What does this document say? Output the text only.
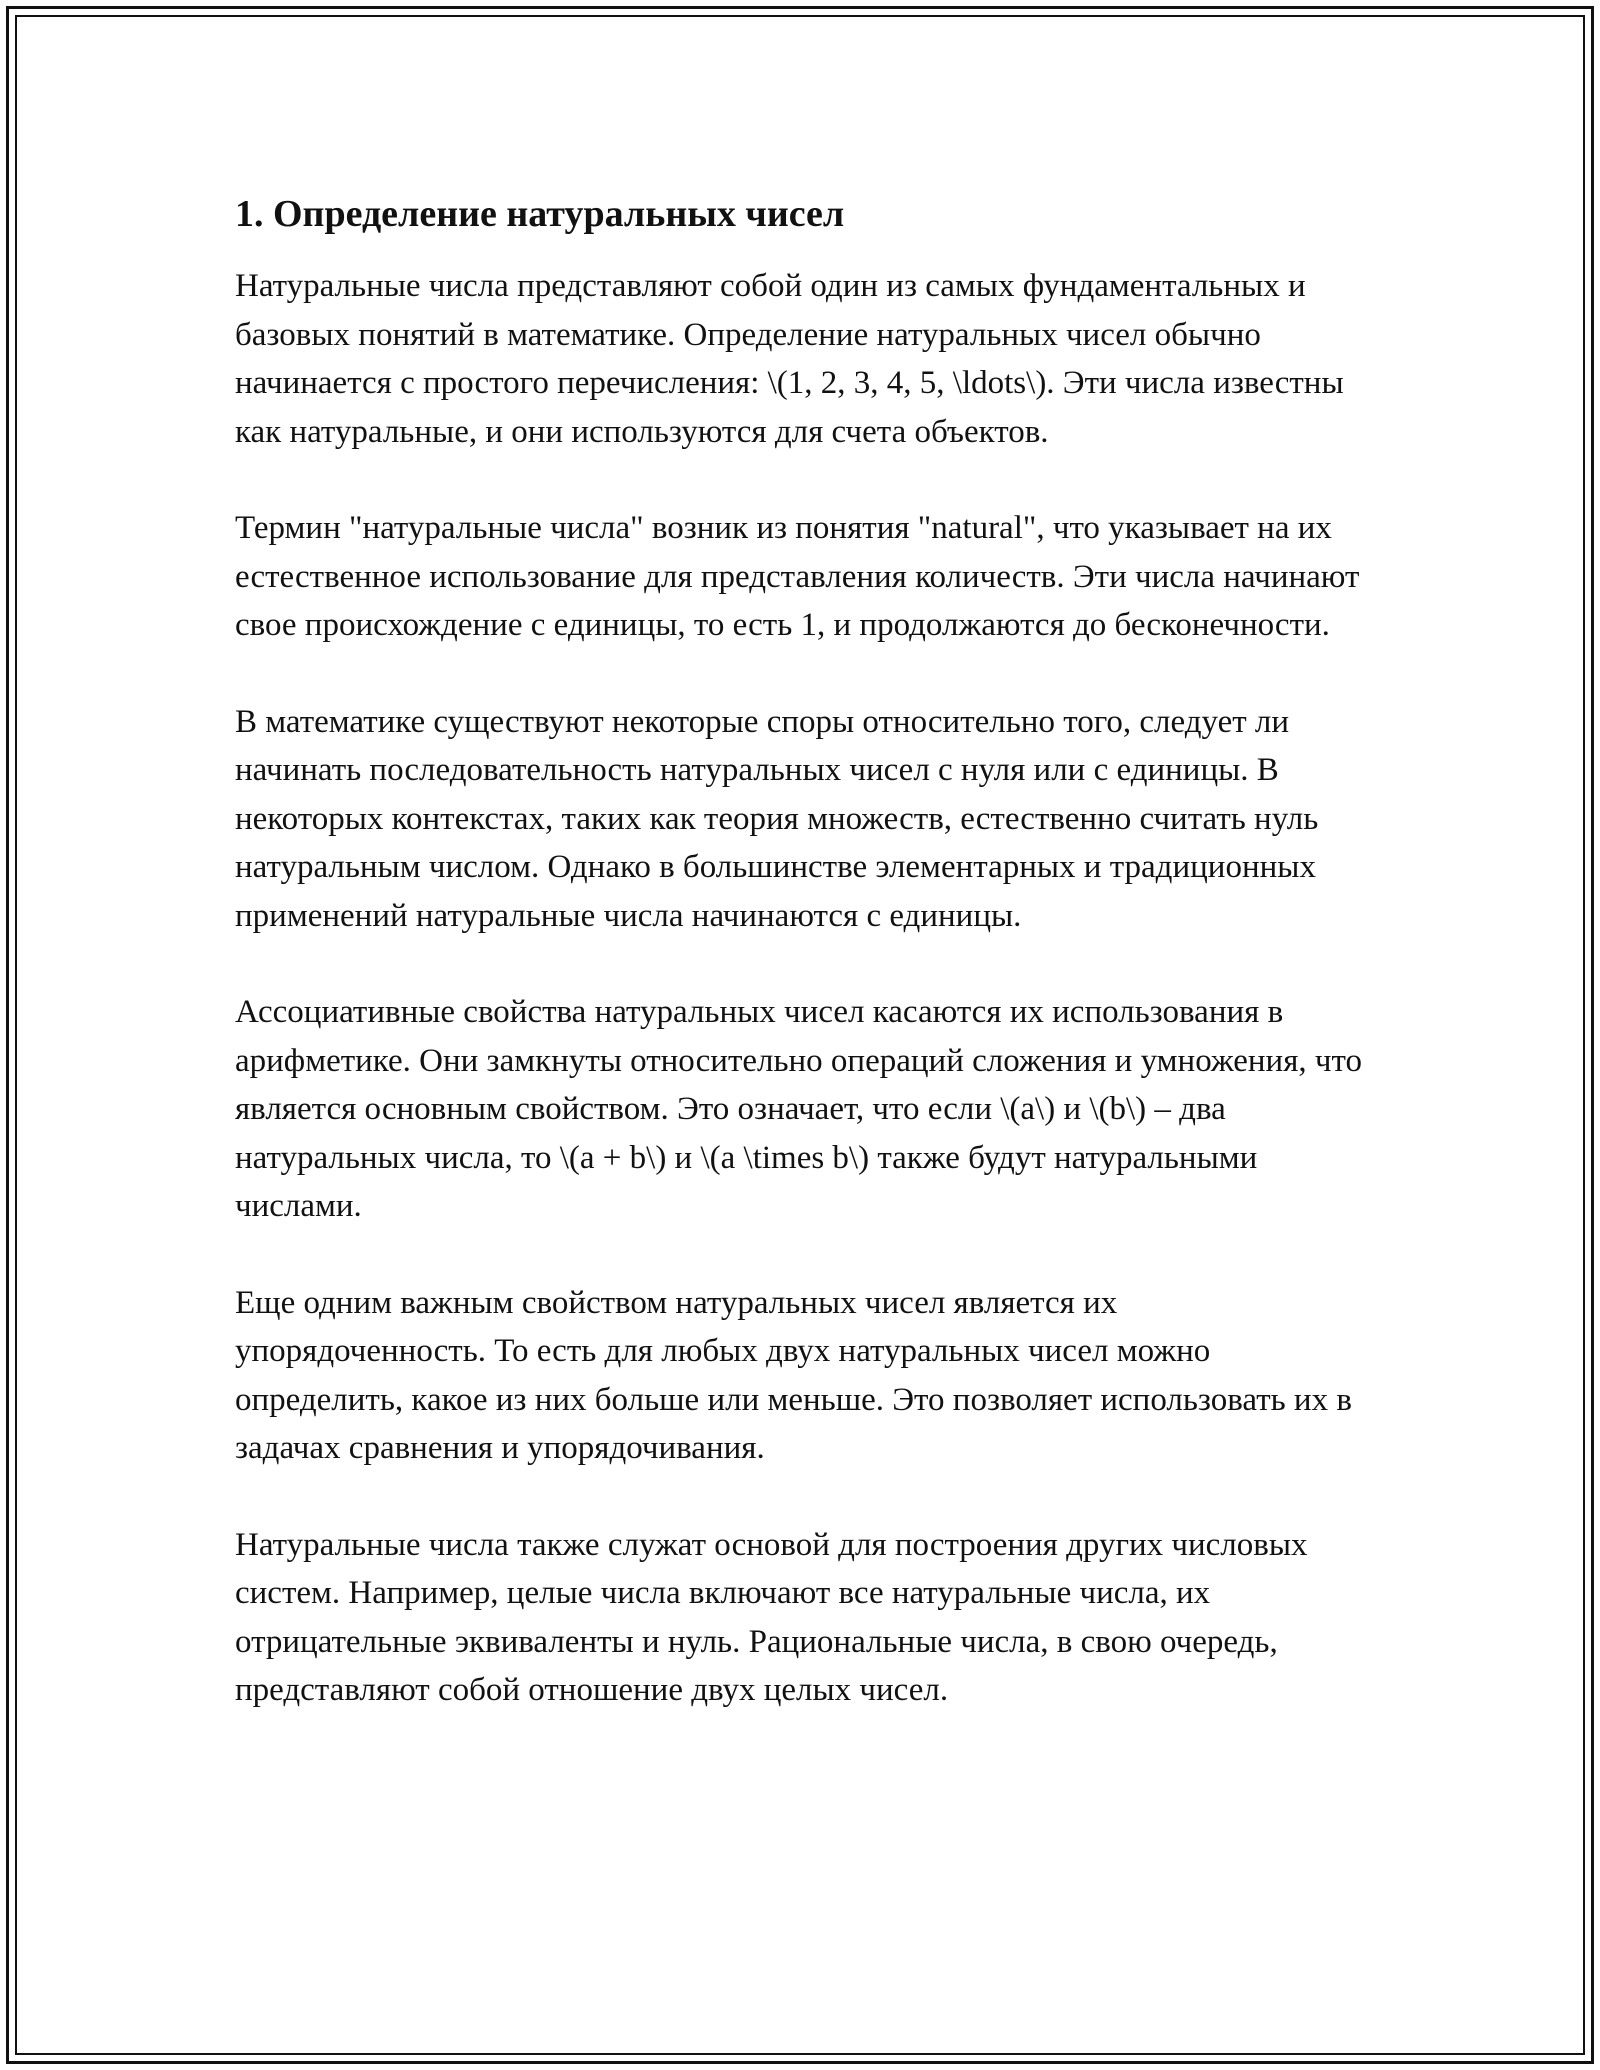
1. Определение натуральных чисел

Натуральные числа представляют собой один из самых фундаментальных и базовых понятий в математике. Определение натуральных чисел обычно начинается с простого перечисления: \(1, 2, 3, 4, 5, \ldots\). Эти числа известны как натуральные, и они используются для счета объектов.

Термин "натуральные числа" возник из понятия "natural", что указывает на их естественное использование для представления количеств. Эти числа начинают свое происхождение с единицы, то есть 1, и продолжаются до бесконечности.

В математике существуют некоторые споры относительно того, следует ли начинать последовательность натуральных чисел с нуля или с единицы. В некоторых контекстах, таких как теория множеств, естественно считать нуль натуральным числом. Однако в большинстве элементарных и традиционных применений натуральные числа начинаются с единицы.

Ассоциативные свойства натуральных чисел касаются их использования в арифметике. Они замкнуты относительно операций сложения и умножения, что является основным свойством. Это означает, что если \(a\) и \(b\) – два натуральных числа, то \(a + b\) и \(a \times b\) также будут натуральными числами.

Еще одним важным свойством натуральных чисел является их упорядоченность. То есть для любых двух натуральных чисел можно определить, какое из них больше или меньше. Это позволяет использовать их в задачах сравнения и упорядочивания.

Натуральные числа также служат основой для построения других числовых систем. Например, целые числа включают все натуральные числа, их отрицательные эквиваленты и нуль. Рациональные числа, в свою очередь, представляют собой отношение двух целых чисел.
